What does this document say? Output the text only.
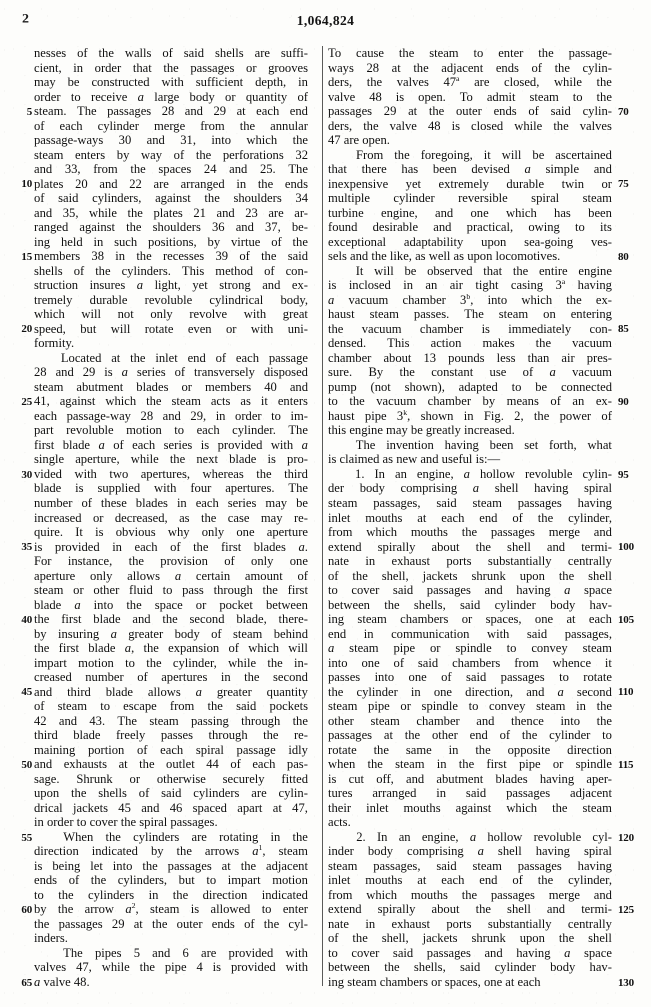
2	1,064,824
nesses of the walls of said shells are suffi-
cient, in order that the passages or grooves
may be constructed with sufficient depth, in
order to receive a large body or quantity of
steam. The passages 28 and 29 at each end
of each cylinder merge from the annular
passage-ways 30 and 31, into which the
steam enters by way of the perforations 32
and 33, from the spaces 24 and 25. The
plates 20 and 22 are arranged in the ends
of said cylinders, against the shoulders 34
and 35, while the plates 21 and 23 are ar-
ranged against the shoulders 36 and 37, be-
ing held in such positions, by virtue of the
members 38 in the recesses 39 of the said
shells of the cylinders. This method of con-
struction insures a light, yet strong and ex-
tremely durable revoluble cylindrical body,
which will not only revolve with great
speed, but will rotate even or with uni-
formity.
Located at the inlet end of each passage
28 and 29 is a series of transversely disposed
steam abutment blades or members 40 and
41, against which the steam acts as it enters
each passage-way 28 and 29, in order to im-
part revoluble motion to each cylinder. The
first blade a of each series is provided with a
single aperture, while the next blade is pro-
vided with two apertures, whereas the third
blade is supplied with four apertures. The
number of these blades in each series may be
increased or decreased, as the case may re-
quire. It is obvious why only one aperture
is provided in each of the first blades a.
For instance, the provision of only one
aperture only allows a certain amount of
steam or other fluid to pass through the first
blade a into the space or pocket between
the first blade and the second blade, there-
by insuring a greater body of steam behind
the first blade a, the expansion of which will
impart motion to the cylinder, while the in-
creased number of apertures in the second
and third blade allows a greater quantity
of steam to escape from the said pockets
42 and 43. The steam passing through the
third blade freely passes through the re-
maining portion of each spiral passage idly
and exhausts at the outlet 44 of each pas-
sage. Shrunk or otherwise securely fitted
upon the shells of said cylinders are cylin-
drical jackets 45 and 46 spaced apart at 47,
in order to cover the spiral passages.
When the cylinders are rotating in the
direction indicated by the arrows $a^1$, steam
is being let into the passages at the adjacent
ends of the cylinders, but to impart motion
to the cylinders in the direction indicated
by the arrow $a^2$, steam is allowed to enter
the passages 29 at the outer ends of the cyl-
inders.
The pipes 5 and 6 are provided with
valves 47, while the pipe 4 is provided with
a valve 48.
5
10
15
20
25
30
35
40
45
50
55
60
65
To cause the steam to enter the passage-
ways 28 at the adjacent ends of the cylin-
ders, the valves 47$^a$ are closed, while the
valve 48 is open. To admit steam to the
passages 29 at the outer ends of said cylin-
ders, the valve 48 is closed while the valves
47 are open.
From the foregoing, it will be ascertained
that there has been devised a simple and
inexpensive yet extremely durable twin or
multiple cylinder reversible spiral steam
turbine engine, and one which has been
found desirable and practical, owing to its
exceptional adaptability upon sea-going ves-
sels and the like, as well as upon locomotives.
It will be observed that the entire engine
is inclosed in an air tight casing 3$^a$ having
a vacuum chamber 3$^b$, into which the ex-
haust steam passes. The steam on entering
the vacuum chamber is immediately con-
densed. This action makes the vacuum
chamber about 13 pounds less than air pres-
sure. By the constant use of a vacuum
pump (not shown), adapted to be connected
to the vacuum chamber by means of an ex-
haust pipe 3$^k$, shown in Fig. 2, the power of
this engine may be greatly increased.
The invention having been set forth, what
is claimed as new and useful is:—
1. In an engine, a hollow revoluble cylin-
der body comprising a shell having spiral
steam passages, said steam passages having
inlet mouths at each end of the cylinder,
from which mouths the passages merge and
extend spirally about the shell and termi-
nate in exhaust ports substantially centrally
of the shell, jackets shrunk upon the shell
to cover said passages and having a space
between the shells, said cylinder body hav-
ing steam chambers or spaces, one at each
end in communication with said passages,
a steam pipe or spindle to convey steam
into one of said chambers from whence it
passes into one of said passages to rotate
the cylinder in one direction, and a second
steam pipe or spindle to convey steam in the
other steam chamber and thence into the
passages at the other end of the cylinder to
rotate the same in the opposite direction
when the steam in the first pipe or spindle
is cut off, and abutment blades having aper-
tures arranged in said passages adjacent
their inlet mouths against which the steam
acts.
2. In an engine, a hollow revoluble cyl-
inder body comprising a shell having spiral
steam passages, said steam passages having
inlet mouths at each end of the cylinder,
from which mouths the passages merge and
extend spirally about the shell and termi-
nate in exhaust ports substantially centrally
of the shell, jackets shrunk upon the shell
to cover said passages and having a space
between the shells, said cylinder body hav-
ing steam chambers or spaces, one at each
70
75
80
85
90
95
100
105
110
115
120
125
130
